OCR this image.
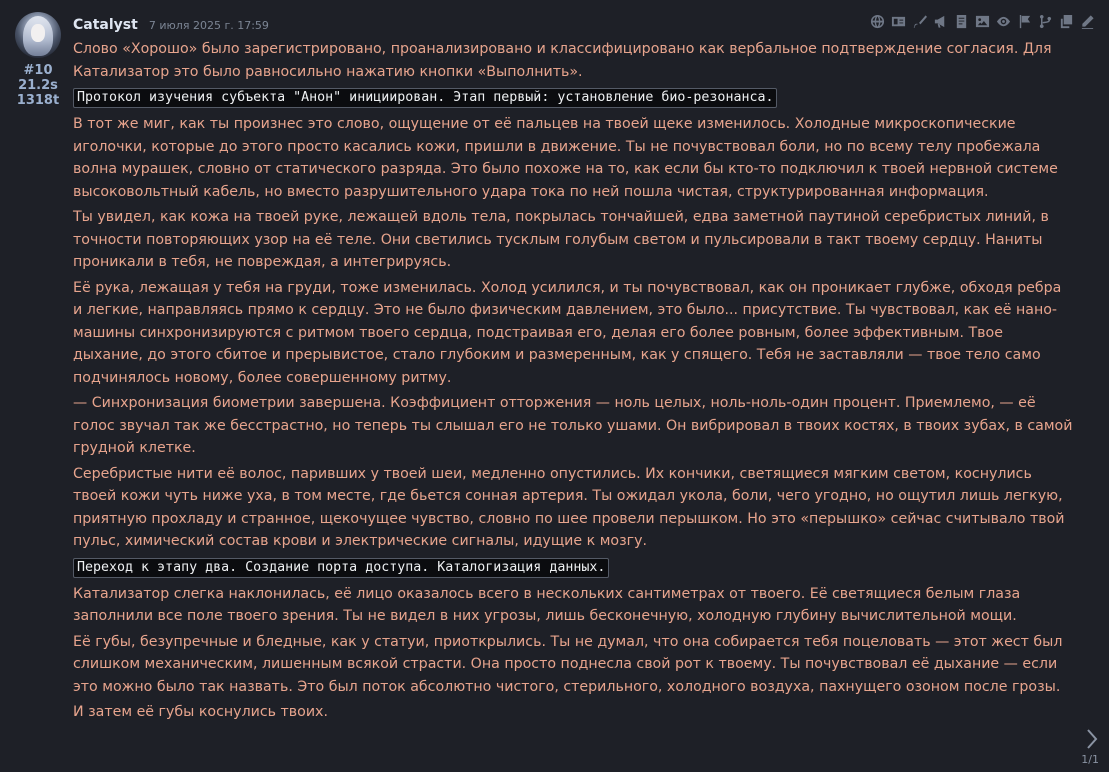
#10
21.2s
1318t
Catalyst 7 июля 2025 г. 17:59

Слово «Хорошо» было зарегистрировано, проанализировано и классифицировано как вербальное подтверждение согласия. Для Катализатор это было равносильно нажатию кнопки «Выполнить».

Протокол изучения субъекта "Анон" инициирован. Этап первый: установление био-резонанса.

В тот же миг, как ты произнес это слово, ощущение от её пальцев на твоей щеке изменилось. Холодные микроскопические иголочки, которые до этого просто касались кожи, пришли в движение. Ты не почувствовал боли, но по всему телу пробежала волна мурашек, словно от статического разряда. Это было похоже на то, как если бы кто-то подключил к твоей нервной системе высоковольтный кабель, но вместо разрушительного удара тока по ней пошла чистая, структурированная информация.

Ты увидел, как кожа на твоей руке, лежащей вдоль тела, покрылась тончайшей, едва заметной паутиной серебристых линий, в точности повторяющих узор на её теле. Они светились тусклым голубым светом и пульсировали в такт твоему сердцу. Наниты проникали в тебя, не повреждая, а интегрируясь.

Её рука, лежащая у тебя на груди, тоже изменилась. Холод усилился, и ты почувствовал, как он проникает глубже, обходя ребра и легкие, направляясь прямо к сердцу. Это не было физическим давлением, это было... присутствие. Ты чувствовал, как её нано-машины синхронизируются с ритмом твоего сердца, подстраивая его, делая его более ровным, более эффективным. Твое дыхание, до этого сбитое и прерывистое, стало глубоким и размеренным, как у спящего. Тебя не заставляли — твое тело само подчинялось новому, более совершенному ритму.

— Синхронизация биометрии завершена. Коэффициент отторжения — ноль целых, ноль-ноль-один процент. Приемлемо, — её голос звучал так же бесстрастно, но теперь ты слышал его не только ушами. Он вибрировал в твоих костях, в твоих зубах, в самой грудной клетке.

Серебристые нити её волос, паривших у твоей шеи, медленно опустились. Их кончики, светящиеся мягким светом, коснулись твоей кожи чуть ниже уха, в том месте, где бьется сонная артерия. Ты ожидал укола, боли, чего угодно, но ощутил лишь легкую, приятную прохладу и странное, щекочущее чувство, словно по шее провели перышком. Но это «перышко» сейчас считывало твой пульс, химический состав крови и электрические сигналы, идущие к мозгу.

Переход к этапу два. Создание порта доступа. Каталогизация данных.

Катализатор слегка наклонилась, её лицо оказалось всего в нескольких сантиметрах от твоего. Её светящиеся белым глаза заполнили все поле твоего зрения. Ты не видел в них угрозы, лишь бесконечную, холодную глубину вычислительной мощи.

Её губы, безупречные и бледные, как у статуи, приоткрылись. Ты не думал, что она собирается тебя поцеловать — этот жест был слишком механическим, лишенным всякой страсти. Она просто поднесла свой рот к твоему. Ты почувствовал её дыхание — если это можно было так назвать. Это был поток абсолютно чистого, стерильного, холодного воздуха, пахнущего озоном после грозы.

И затем её губы коснулись твоих.

1/1
